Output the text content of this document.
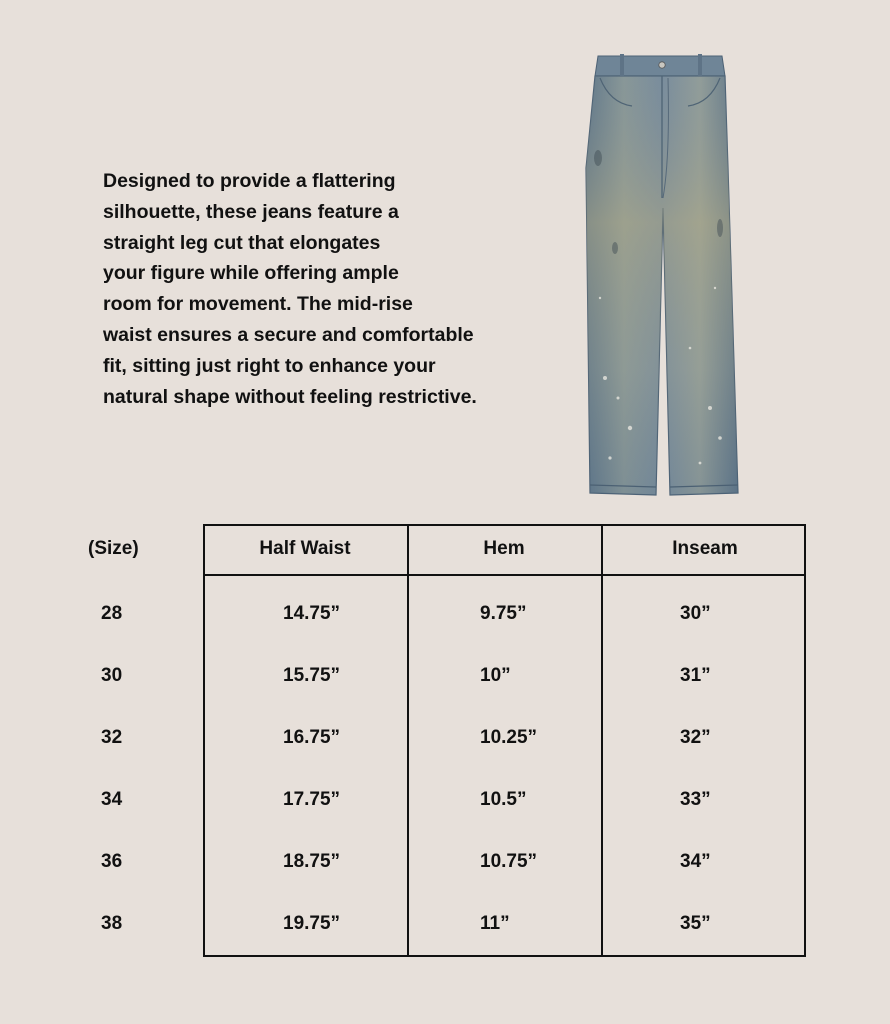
Designed to provide a flattering
silhouette, these jeans feature a
straight leg cut that elongates
your figure while offering ample
room for movement. The mid-rise
waist ensures a secure and comfortable
fit, sitting just right to enhance your
natural shape without feeling restrictive.

(Size)	Half Waist	Hem	Inseam
28	14.75”	9.75”	30”
30	15.75”	10”	31”
32	16.75”	10.25”	32”
34	17.75”	10.5”	33”
36	18.75”	10.75”	34”
38	19.75”	11”	35”
